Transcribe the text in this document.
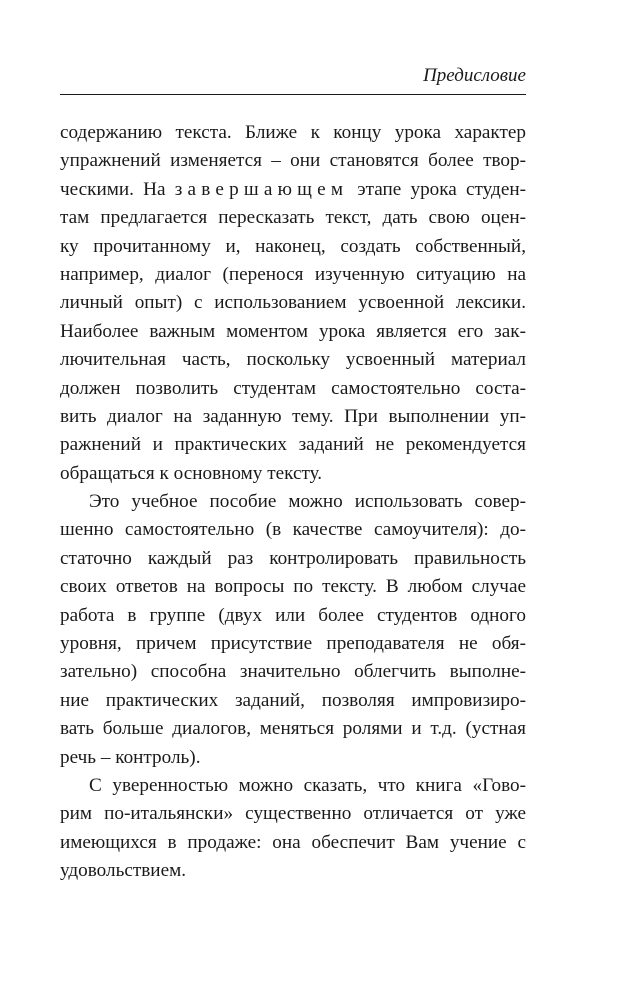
Предисловие
содержанию текста. Ближе к концу урока характер
упражнений изменяется – они становятся более твор-
ческими. На завершающем этапе урока студен-
там предлагается пересказать текст, дать свою оцен-
ку прочитанному и, наконец, создать собственный,
например, диалог (перенося изученную ситуацию на
личный опыт) с использованием усвоенной лексики.
Наиболее важным моментом урока является его зак-
лючительная часть, поскольку усвоенный материал
должен позволить студентам самостоятельно соста-
вить диалог на заданную тему. При выполнении уп-
ражнений и практических заданий не рекомендуется
обращаться к основному тексту.
Это учебное пособие можно использовать совер-
шенно самостоятельно (в качестве самоучителя): до-
статочно каждый раз контролировать правильность
своих ответов на вопросы по тексту. В любом случае
работа в группе (двух или более студентов одного
уровня, причем присутствие преподавателя не обя-
зательно) способна значительно облегчить выполне-
ние практических заданий, позволяя импровизиро-
вать больше диалогов, меняться ролями и т.д. (устная
речь – контроль).
С уверенностью можно сказать, что книга «Гово-
рим по-итальянски» существенно отличается от уже
имеющихся в продаже: она обеспечит Вам учение с
удовольствием.
